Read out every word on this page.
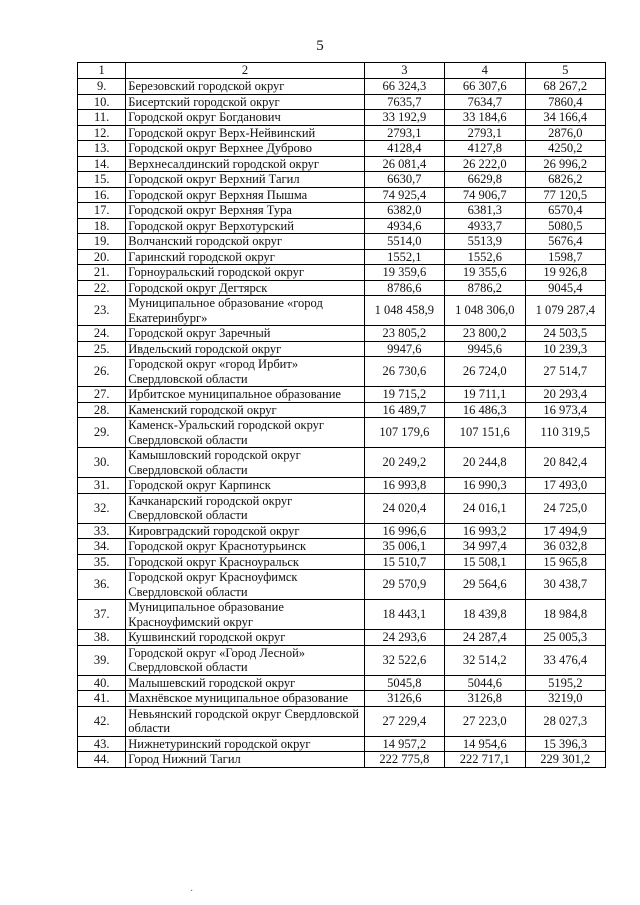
5
1	2	3	4	5
9.	Березовский городской округ	66 324,3	66 307,6	68 267,2
10.	Бисертский городской округ	7635,7	7634,7	7860,4
11.	Городской округ Богданович	33 192,9	33 184,6	34 166,4
12.	Городской округ Верх-Нейвинский	2793,1	2793,1	2876,0
13.	Городской округ Верхнее Дуброво	4128,4	4127,8	4250,2
14.	Верхнесалдинский городской округ	26 081,4	26 222,0	26 996,2
15.	Городской округ Верхний Тагил	6630,7	6629,8	6826,2
16.	Городской округ Верхняя Пышма	74 925,4	74 906,7	77 120,5
17.	Городской округ Верхняя Тура	6382,0	6381,3	6570,4
18.	Городской округ Верхотурский	4934,6	4933,7	5080,5
19.	Волчанский городской округ	5514,0	5513,9	5676,4
20.	Гаринский городской округ	1552,1	1552,6	1598,7
21.	Горноуральский городской округ	19 359,6	19 355,6	19 926,8
22.	Городской округ Дегтярск	8786,6	8786,2	9045,4
23.	Муниципальное образование «город Екатеринбург»	1 048 458,9	1 048 306,0	1 079 287,4
24.	Городской округ Заречный	23 805,2	23 800,2	24 503,5
25.	Ивдельский городской округ	9947,6	9945,6	10 239,3
26.	Городской округ «город Ирбит» Свердловской области	26 730,6	26 724,0	27 514,7
27.	Ирбитское муниципальное образование	19 715,2	19 711,1	20 293,4
28.	Каменский городской округ	16 489,7	16 486,3	16 973,4
29.	Каменск-Уральский городской округ Свердловской области	107 179,6	107 151,6	110 319,5
30.	Камышловский городской округ Свердловской области	20 249,2	20 244,8	20 842,4
31.	Городской округ Карпинск	16 993,8	16 990,3	17 493,0
32.	Качканарский городской округ Свердловской области	24 020,4	24 016,1	24 725,0
33.	Кировградский городской округ	16 996,6	16 993,2	17 494,9
34.	Городской округ Краснотурьинск	35 006,1	34 997,4	36 032,8
35.	Городской округ Красноуральск	15 510,7	15 508,1	15 965,8
36.	Городской округ Красноуфимск Свердловской области	29 570,9	29 564,6	30 438,7
37.	Муниципальное образование Красноуфимский округ	18 443,1	18 439,8	18 984,8
38.	Кушвинский городской округ	24 293,6	24 287,4	25 005,3
39.	Городской округ «Город Лесной» Свердловской области	32 522,6	32 514,2	33 476,4
40.	Малышевский городской округ	5045,8	5044,6	5195,2
41.	Махнёвское муниципальное образование	3126,6	3126,8	3219,0
42.	Невьянский городской округ Свердловской области	27 229,4	27 223,0	28 027,3
43.	Нижнетуринский городской округ	14 957,2	14 954,6	15 396,3
44.	Город Нижний Тагил	222 775,8	222 717,1	229 301,2
·
